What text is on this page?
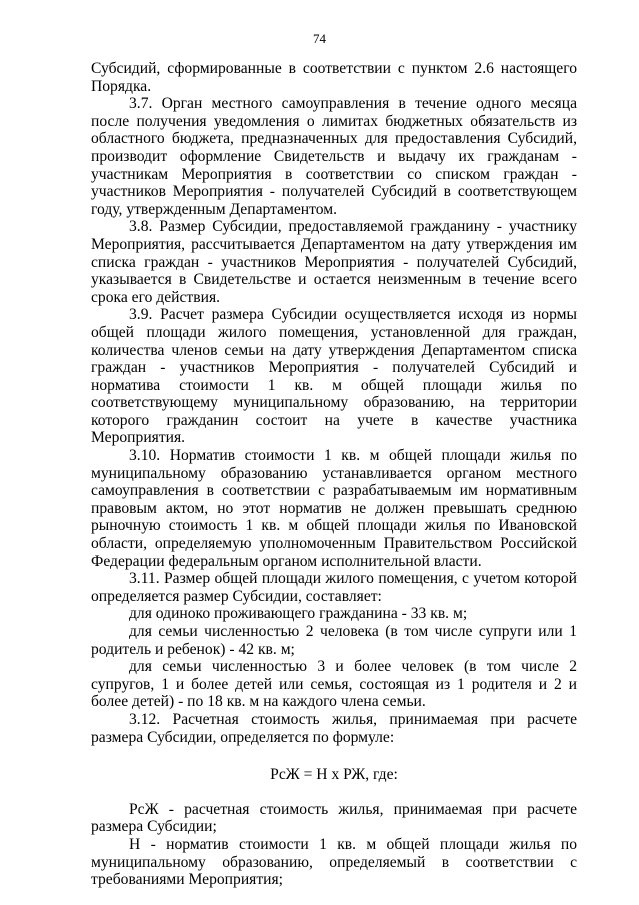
74

Субсидий, сформированные в соответствии с пунктом 2.6 настоящего Порядка.

3.7. Орган местного самоуправления в течение одного месяца после получения уведомления о лимитах бюджетных обязательств из областного бюджета, предназначенных для предоставления Субсидий, производит оформление Свидетельств и выдачу их гражданам - участникам Мероприятия в соответствии со списком граждан - участников Мероприятия - получателей Субсидий в соответствующем году, утвержденным Департаментом.

3.8. Размер Субсидии, предоставляемой гражданину - участнику Мероприятия, рассчитывается Департаментом на дату утверждения им списка граждан - участников Мероприятия - получателей Субсидий, указывается в Свидетельстве и остается неизменным в течение всего срока его действия.

3.9. Расчет размера Субсидии осуществляется исходя из нормы общей площади жилого помещения, установленной для граждан, количества членов семьи на дату утверждения Департаментом списка граждан - участников Мероприятия - получателей Субсидий и норматива стоимости 1 кв. м общей площади жилья по соответствующему муниципальному образованию, на территории которого гражданин состоит на учете в качестве участника Мероприятия.

3.10. Норматив стоимости 1 кв. м общей площади жилья по муниципальному образованию устанавливается органом местного самоуправления в соответствии с разрабатываемым им нормативным правовым актом, но этот норматив не должен превышать среднюю рыночную стоимость 1 кв. м общей площади жилья по Ивановской области, определяемую уполномоченным Правительством Российской Федерации федеральным органом исполнительной власти.

3.11. Размер общей площади жилого помещения, с учетом которой определяется размер Субсидии, составляет:

для одиноко проживающего гражданина - 33 кв. м;

для семьи численностью 2 человека (в том числе супруги или 1 родитель и ребенок) - 42 кв. м;

для семьи численностью 3 и более человек (в том числе 2 супругов, 1 и более детей или семья, состоящая из 1 родителя и 2 и более детей) - по 18 кв. м на каждого члена семьи.

3.12. Расчетная стоимость жилья, принимаемая при расчете размера Субсидии, определяется по формуле:

РсЖ = Н х РЖ, где:

РсЖ - расчетная стоимость жилья, принимаемая при расчете размера Субсидии;

Н - норматив стоимости 1 кв. м общей площади жилья по муниципальному образованию, определяемый в соответствии с требованиями Мероприятия;
